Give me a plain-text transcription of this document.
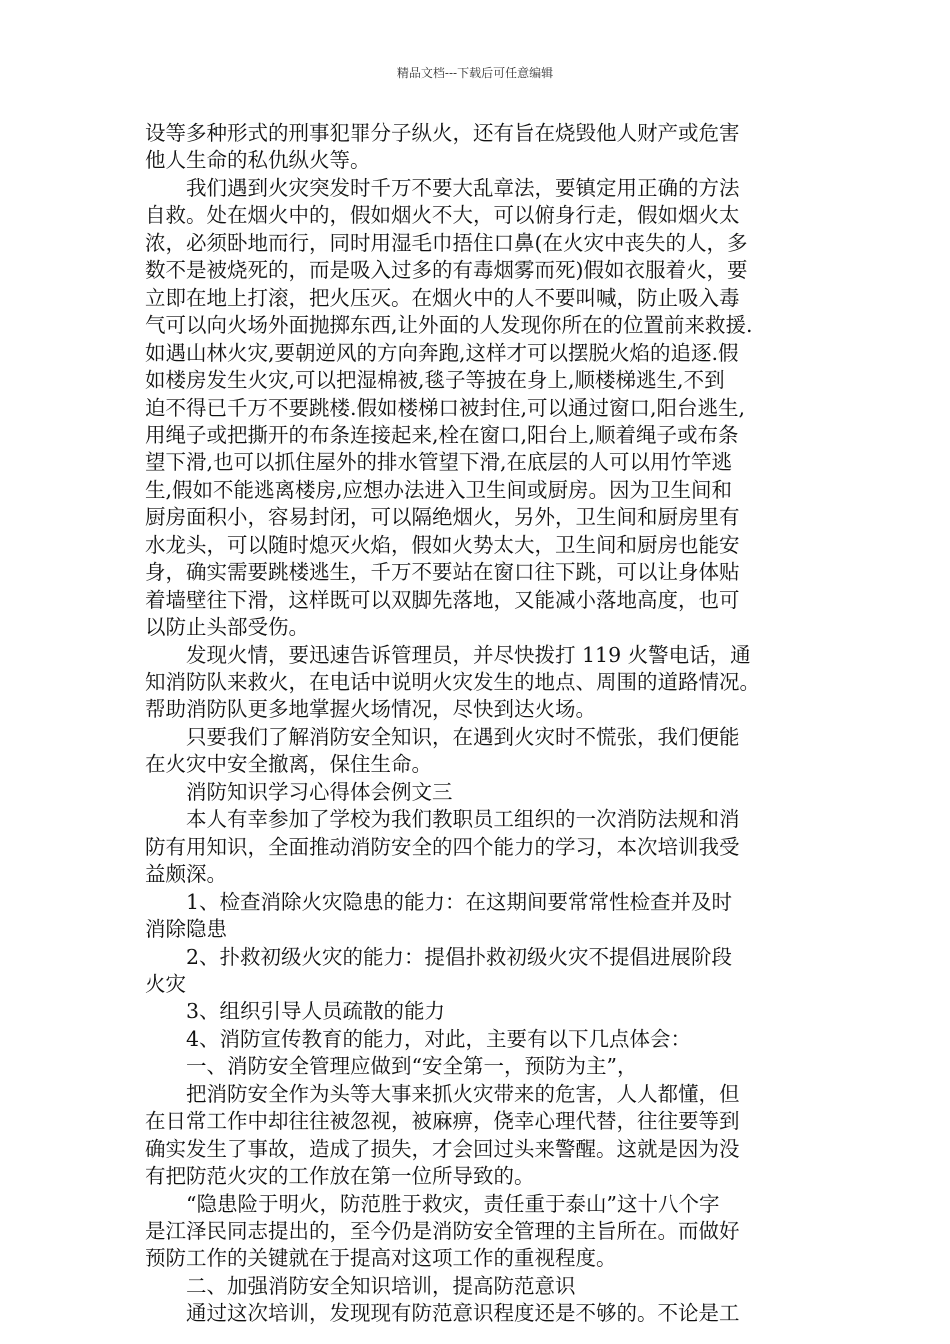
精品文档---下载后可任意编辑
设等多种形式的刑事犯罪分子纵火，还有旨在烧毁他人财产或危害
他人生命的私仇纵火等。
　　我们遇到火灾突发时千万不要大乱章法，要镇定用正确的方法
自救。处在烟火中的，假如烟火不大，可以俯身行走，假如烟火太
浓，必须卧地而行，同时用湿毛巾捂住口鼻(在火灾中丧失的人，多
数不是被烧死的，而是吸入过多的有毒烟雾而死)假如衣服着火，要
立即在地上打滚，把火压灭。在烟火中的人不要叫喊，防止吸入毒
气可以向火场外面抛掷东西,让外面的人发现你所在的位置前来救援.
如遇山林火灾,要朝逆风的方向奔跑,这样才可以摆脱火焰的追逐.假
如楼房发生火灾,可以把湿棉被,毯子等披在身上,顺楼梯逃生,不到
迫不得已千万不要跳楼.假如楼梯口被封住,可以通过窗口,阳台逃生,
用绳子或把撕开的布条连接起来,栓在窗口,阳台上,顺着绳子或布条
望下滑,也可以抓住屋外的排水管望下滑,在底层的人可以用竹竿逃
生,假如不能逃离楼房,应想办法进入卫生间或厨房。因为卫生间和
厨房面积小，容易封闭，可以隔绝烟火，另外，卫生间和厨房里有
水龙头，可以随时熄灭火焰，假如火势太大，卫生间和厨房也能安
身，确实需要跳楼逃生，千万不要站在窗口往下跳，可以让身体贴
着墙壁往下滑，这样既可以双脚先落地，又能减小落地高度，也可
以防止头部受伤。
　　发现火情，要迅速告诉管理员，并尽快拨打 119 火警电话，通
知消防队来救火，在电话中说明火灾发生的地点、周围的道路情况。
帮助消防队更多地掌握火场情况，尽快到达火场。
　　只要我们了解消防安全知识，在遇到火灾时不慌张，我们便能
在火灾中安全撤离，保住生命。
　　消防知识学习心得体会例文三
　　本人有幸参加了学校为我们教职员工组织的一次消防法规和消
防有用知识，全面推动消防安全的四个能力的学习，本次培训我受
益颇深。
　　1、检查消除火灾隐患的能力：在这期间要常常性检查并及时
消除隐患
　　2、扑救初级火灾的能力：提倡扑救初级火灾不提倡进展阶段
火灾
　　3、组织引导人员疏散的能力
　　4、消防宣传教育的能力，对此，主要有以下几点体会：
　　一、消防安全管理应做到“安全第一，预防为主”，
　　把消防安全作为头等大事来抓火灾带来的危害，人人都懂，但
在日常工作中却往往被忽视，被麻痹，侥幸心理代替，往往要等到
确实发生了事故，造成了损失，才会回过头来警醒。这就是因为没
有把防范火灾的工作放在第一位所导致的。
　　“隐患险于明火，防范胜于救灾，责任重于泰山”这十八个字
是江泽民同志提出的，至今仍是消防安全管理的主旨所在。而做好
预防工作的关键就在于提高对这项工作的重视程度。
　　二、加强消防安全知识培训，提高防范意识
　　通过这次培训，发现现有防范意识程度还是不够的。不论是工
